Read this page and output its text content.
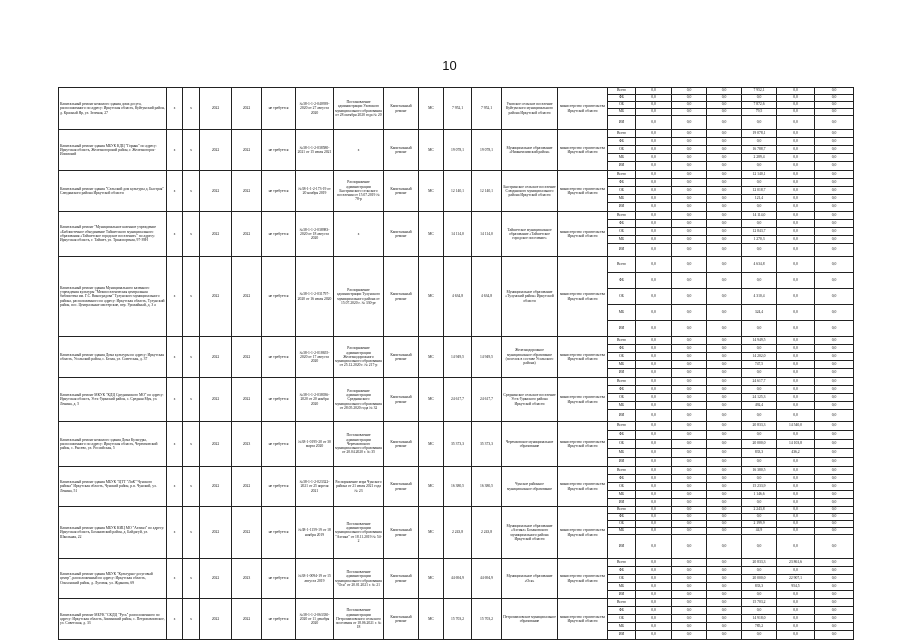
10
Капитальный ремонт нежилого здания дома досуга, расположенного по адресу: Иркутская область, Куйтунский район, д. Красный Яр, ул. Зеленая, 27	х	х	2022	2022	не требуется	№38-1-1-2-040939-2020 от 27 августа 2020	Постановление администрации Уховского муниципального образования от 28 октября 2020 года № 20	Капитальный ремонт	МС	7 952,1	7 952,1	Уховское сельское поселение Куйтунского муниципального района Иркутской области	министерство строительства Иркутской области	Всего	0,0	0,0	0,0	7 952,1	0,0	0,0
														ФБ	0,0	0,0	0,0	0,0	0,0	0,0
														ОБ	0,0	0,0	0,0	7 872,6	0,0	0,0
														МБ	0,0	0,0	0,0	79,5	0,0	0,0
														ИИ	0,0	0,0	0,0	0,0	0,0	0,0
Капитальный ремонт здания МБУК КДЦ "Горняк" по адресу: Иркутская область, Железногорский район, г. Железногорск-Илимский	х	х	2022	2022	не требуется	№38-1-1-2-038580-2021 от 15 июля 2021	х	Капитальный ремонт	МС	19 078,1	19 078,1	Муниципальное образование «Нижнеилимский район»	министерство строительства Иркутской области	Всего	0,0	0,0	0,0	19 078,1	0,0	0,0
														ФБ	0,0	0,0	0,0	0,0	0,0	0,0
														ОБ	0,0	0,0	0,0	16 788,7	0,0	0,0
														МБ	0,0	0,0	0,0	2 289,4	0,0	0,0
														ИИ	0,0	0,0	0,0	0,0	0,0	0,0
Капитальный ремонт здания "Сельский дом культуры д. Быстрая" Слюдянского района Иркутской области	х	х	2022	2022	не требуется	№38-1-1-2-173-19 от 20 ноября 2019	Распоряжение администрации Быстринского сельского поселения от 15.07.2019 № 78-р	Капитальный ремонт	МС	12 140,1	12 140,1	Быстринское сельское поселение Слюдянского муниципального района Иркутской области	министерство строительства Иркутской области	Всего	0,0	0,0	0,0	12 140,1	0,0	0,0
														ФБ	0,0	0,0	0,0	0,0	0,0	0,0
														ОБ	0,0	0,0	0,0	12 018,7	0,0	0,0
														МБ	0,0	0,0	0,0	121,4	0,0	0,0
														ИИ	0,0	0,0	0,0	0,0	0,0	0,0
Капитальный ремонт "Муниципальное казенное учреждение «Библиотечное объединение Тайшетского муниципального образования «Тайшетское городское поселение»" по адресу: Иркутская область, г. Тайшет, ул. Транспортная, 97-39Н	х	х	2022	2022	не требуется	№38-1-1-2-038983-2020 от 18 августа 2020	х	Капитальный ремонт	МС	14 114,0	14 114,0	Тайшетское муниципальное образование «Тайшетское городское поселение»	министерство строительства Иркутской области	Всего	0,0	0,0	0,0	14 114,0	0,0	0,0
														ФБ	0,0	0,0	0,0	0,0	0,0	0,0
														ОБ	0,0	0,0	0,0	12 843,7	0,0	0,0
														МБ	0,0	0,0	0,0	1 270,3	0,0	0,0
														ИИ	0,0	0,0	0,0	0,0	0,0	0,0
Капитальный ремонт здания Муниципального казенного учреждения культуры "Межпоселенческая центральная библиотека им. Г.С. Виноградова" Тулунского муниципального района, расположенного по адресу: Иркутская область, Тулунский район, пос. Центральные мастерские, пер. Урожайный, д. 3 а	х	х	2022	2022	не требуется	№38-1-1-2-031797-2020 от 16 июля 2020	Распоряжение администрации Тулунского муниципального района от 15.07.2020 г. № 330-рг	Капитальный ремонт	МС	4 634,8	4 634,8	Муниципальное образование «Тулунский район» Иркутской области	министерство строительства Иркутской области	Всего	0,0	0,0	0,0	4 634,8	0,0	0,0
														ФБ	0,0	0,0	0,0	0,0	0,0	0,0
														ОБ	0,0	0,0	0,0	4 310,4	0,0	0,0
														МБ	0,0	0,0	0,0	324,4	0,0	0,0
														ИИ	0,0	0,0	0,0	0,0	0,0	0,0
Капитальный ремонт здания Дома культуры по адресу: Иркутская область, Усольский район, с. Белая, ул. Советская, д. 37	х	х	2022	2022	не требуется	№38-1-1-2-018655-2020 от 17 августа 2020	Распоряжение администрации Железнодорожного муниципального образования от 25.12.2020 г. № 217-р	Капитальный ремонт	МС	14 949,5	14 949,5	Железнодорожное муниципальное образование (поселок в составе Усольского района)	министерство строительства Иркутской области	Всего	0,0	0,0	0,0	14 949,5	0,0	0,0
														ФБ	0,0	0,0	0,0	0,0	0,0	0,0
														ОБ	0,0	0,0	0,0	14 202,0	0,0	0,0
														МБ	0,0	0,0	0,0	747,5	0,0	0,0
														ИИ	0,0	0,0	0,0	0,0	0,0	0,0
Капитальный ремонт МКУК "КДЦ Среднинского МО" по адресу: Иркутская область, Усть-Удинский район, с. Средняя Муя, ул. Ленина, д. 5	х	х	2022	2022	не требуется	№38-1-1-2-038036-2020 от 20 ноября 2020	Распоряжение администрации Среднинского муниципального образования от 28.05.2020 года № 32	Капитальный ремонт	МС	24 617,7	24 617,7	Среднинское сельское поселение Усть-Удинского района Иркутской области	министерство строительства Иркутской области	Всего	0,0	0,0	0,0	24 617,7	0,0	0,0
														ФБ	0,0	0,0	0,0	0,0	0,0	0,0
														ОБ	0,0	0,0	0,0	24 125,3	0,0	0,0
														МБ	0,0	0,0	0,0	492,4	0,0	0,0
														ИИ	0,0	0,0	0,0	0,0	0,0	0,0
Капитальный ремонт нежилого здания Дома Культуры, расположенного по адресу: Иркутская область, Черемховский район, с. Рысево, ул. Российская, 5	х	х	2022	2023	не требуется	№38-1-0195-20 от 30 марта 2020	Постановление администрации Черемховского муниципального образования от 20.04.2020 г. № 35	Капитальный ремонт	МС	35 373,3	35 373,3	Черемховское муниципальное образование	министерство строительства Иркутской области	Всего	0,0	0,0	0,0	20 833,3	14 540,0	0,0
														ФБ	0,0	0,0	0,0	0,0	0,0	0,0
														ОБ	0,0	0,0	0,0	20 000,0	14 103,8	0,0
														МБ	0,0	0,0	0,0	833,3	436,2	0,0
														ИИ	0,0	0,0	0,0	0,0	0,0	0,0
Капитальный ремонт здания МБУК "ЦТТ "ЛиК" Чунского района" Иркутская область, Чунский район, р.п. Чунский, ул. Ленина, 51	х	х	2022	2022	не требуется	№38-1-1-2-023322-2021 от 25 апреля 2021	Распоряжение мэра Чунского района от 21 июля 2021 года № 23	Капитальный ремонт	МС	16 380,5	16 380,5	Чунское районное муниципальное образование	министерство строительства Иркутской области	Всего	0,0	0,0	0,0	16 380,5	0,0	0,0
														ФБ	0,0	0,0	0,0	0,0	0,0	0,0
														ОБ	0,0	0,0	0,0	15 233,9	0,0	0,0
														МБ	0,0	0,0	0,0	1 146,6	0,0	0,0
														ИИ	0,0	0,0	0,0	0,0	0,0	0,0
Капитальный ремонт здания МБУК КИЦ МО "Ахтиял" по адресу: Иркутская область, Бохановский район, д. Байдагуй, ул. Школьная, 22	х	х	2022	2022	не требуется	№38-1-1159-19 от 18 ноября 2019	Постановление администрации муниципального образования "Ахтиял" от 18.11.2019 № 54-2	Капитальный ремонт	МС	2 243,8	2 243,8	Муниципальное образование «Ахтиял» Бохановского муниципального района Иркутской области	министерство строительства Иркутской области	Всего	0,0	0,0	0,0	2 243,8	0,0	0,0
														ФБ	0,0	0,0	0,0	0,0	0,0	0,0
														ОБ	0,0	0,0	0,0	2 199,9	0,0	0,0
														МБ	0,0	0,0	0,0	44,9	0,0	0,0
														ИИ	0,0	0,0	0,0	0,0	0,0	0,0
Капитальный ремонт здания МБУК "Культурно-досуговый центр", расположенный по адресу: Иркутская область, Ольхонский район, д. Луговая, ул. Жданова, 69	х	х	2022	2023	не требуется	№38-1-0094-19 от 15 августа 2019	Постановление администрации муниципального образования "Ося" от 20.01.2021 г. № 21	Капитальный ремонт	МС	44 694,9	44 694,9	Муниципальное образование «Ося»	министерство строительства Иркутской области	Всего	0,0	0,0	0,0	20 833,3	23 861,6	0,0
														ФБ	0,0	0,0	0,0	0,0	0,0	0,0
														ОБ	0,0	0,0	0,0	20 000,0	22 907,1	0,0
														МБ	0,0	0,0	0,0	833,3	954,5	0,0
														ИИ	0,0	0,0	0,0	0,0	0,0	0,0
Капитальный ремонт МБУК "СКДЦ "Русь" расположенного по адресу: Иркутская область, Зиминский район, с. Петропавловское, ул. Советская, д. 33	х	х	2022	2022	не требуется	№38-1-1-2-063330-2020 от 11 декабря 2020	Постановление администрации Петропавловского сельского поселения от 18.06.2021 г. № 18	Капитальный ремонт	МС	15 703,2	15 703,2	Петропавловское муниципальное образование	министерство строительства Иркутской области	Всего	0,0	0,0	0,0	15 703,2	0,0	0,0
														ФБ	0,0	0,0	0,0	0,0	0,0	0,0
														ОБ	0,0	0,0	0,0	14 918,0	0,0	0,0
														МБ	0,0	0,0	0,0	785,2	0,0	0,0
														ИИ	0,0	0,0	0,0	0,0	0,0	0,0
